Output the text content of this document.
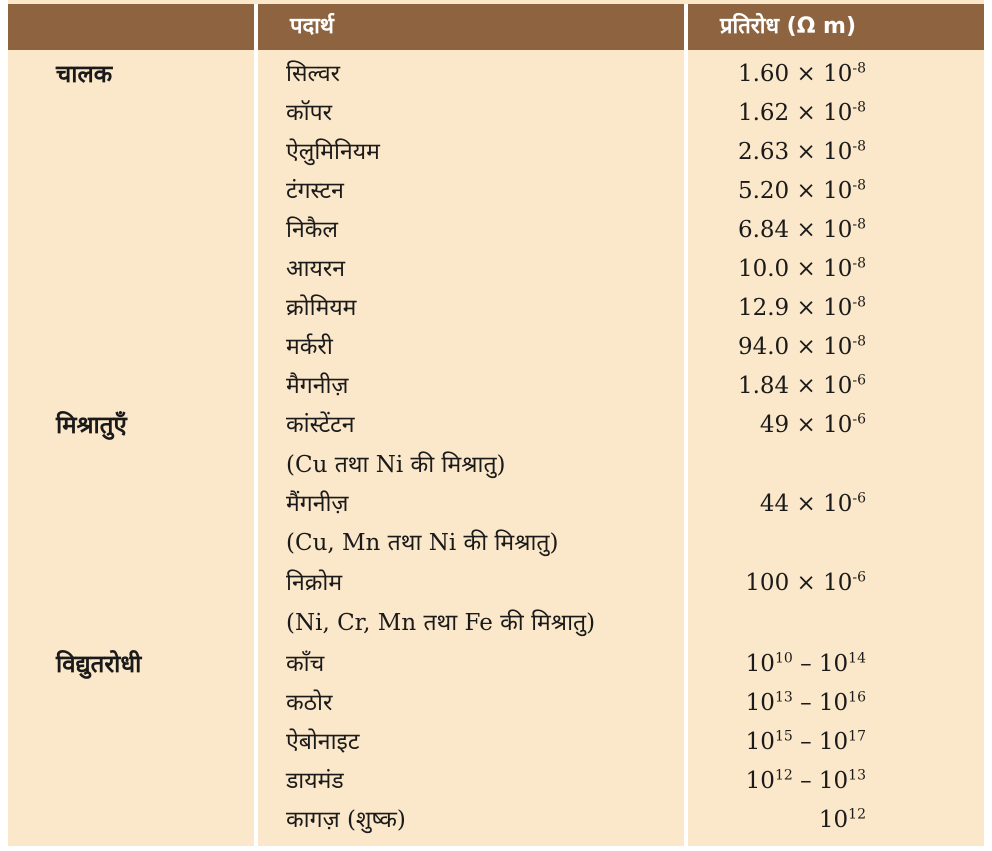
पदार्थ	प्रतिरोध (Ω m)
चालक
मिश्रातुएँ
विद्युतरोधी
सिल्वर
कॉपर
ऐलुमिनियम
टंगस्टन
निकैल
आयरन
क्रोमियम
मर्करी
मैगनीज़
$1.60 \times 10^{-8}$
$1.62 \times 10^{-8}$
$2.63 \times 10^{-8}$
$5.20 \times 10^{-8}$
$6.84 \times 10^{-8}$
$10.0 \times 10^{-8}$
$12.9 \times 10^{-8}$
$94.0 \times 10^{-8}$
$1.84 \times 10^{-6}$
कांस्टेंटन
(Cu तथा Ni की मिश्रातु)
मैंगनीज़
(Cu, Mn तथा Ni की मिश्रातु)
निक्रोम
(Ni, Cr, Mn तथा Fe की मिश्रातु)
$49 \times 10^{-6}$
$44 \times 10^{-6}$
$100 \times 10^{-6}$
काँच
कठोर
ऐबोनाइट
डायमंड
कागज़ (शुष्क)
$10^{10} - 10^{14}$
$10^{13} - 10^{16}$
$10^{15} - 10^{17}$
$10^{12} - 10^{13}$
$10^{12}$
